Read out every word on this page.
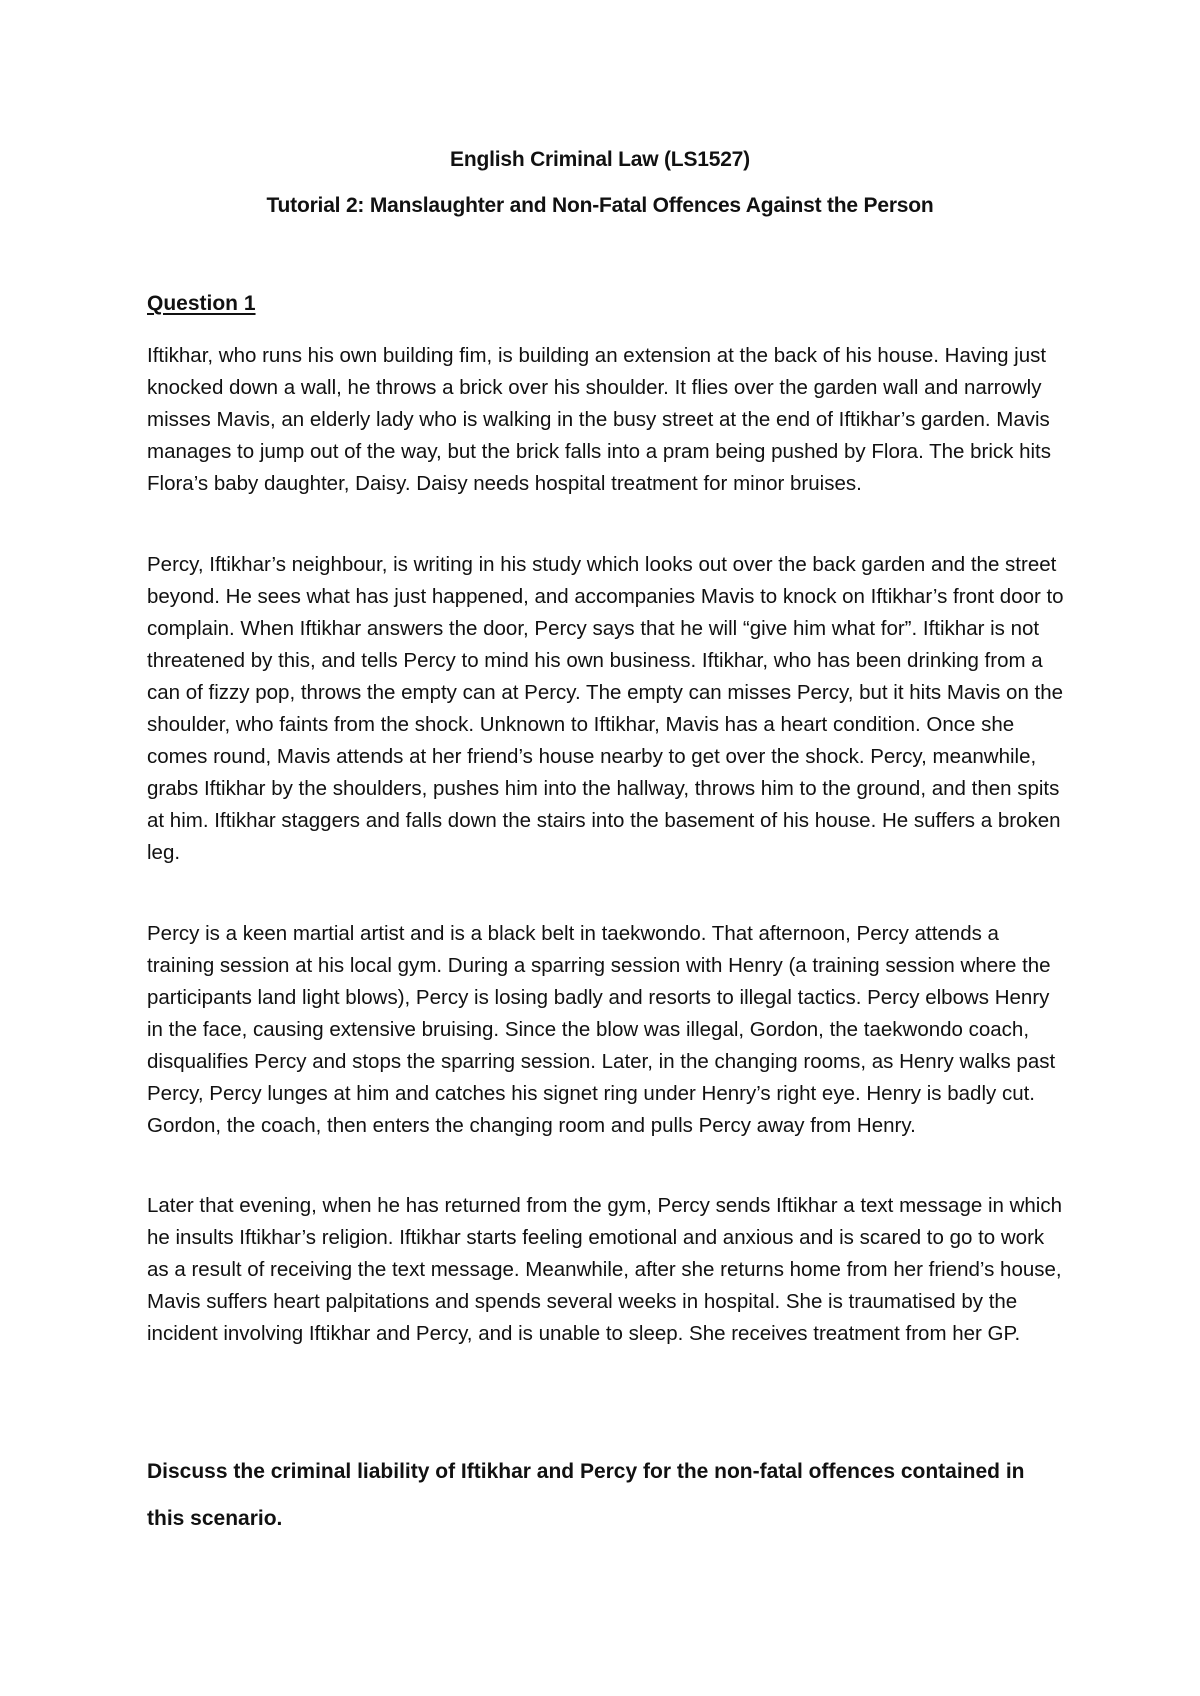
English Criminal Law (LS1527)
Tutorial 2: Manslaughter and Non-Fatal Offences Against the Person
Question 1

Iftikhar, who runs his own building fim, is building an extension at the back of his house. Having just knocked down a wall, he throws a brick over his shoulder. It flies over the garden wall and narrowly misses Mavis, an elderly lady who is walking in the busy street at the end of Iftikhar’s garden. Mavis manages to jump out of the way, but the brick falls into a pram being pushed by Flora. The brick hits Flora’s baby daughter, Daisy. Daisy needs hospital treatment for minor bruises.

Percy, Iftikhar’s neighbour, is writing in his study which looks out over the back garden and the street beyond. He sees what has just happened, and accompanies Mavis to knock on Iftikhar’s front door to complain. When Iftikhar answers the door, Percy says that he will “give him what for”. Iftikhar is not threatened by this, and tells Percy to mind his own business. Iftikhar, who has been drinking from a can of fizzy pop, throws the empty can at Percy. The empty can misses Percy, but it hits Mavis on the shoulder, who faints from the shock. Unknown to Iftikhar, Mavis has a heart condition. Once she comes round, Mavis attends at her friend’s house nearby to get over the shock. Percy, meanwhile, grabs Iftikhar by the shoulders, pushes him into the hallway, throws him to the ground, and then spits at him. Iftikhar staggers and falls down the stairs into the basement of his house. He suffers a broken leg.

Percy is a keen martial artist and is a black belt in taekwondo. That afternoon, Percy attends a training session at his local gym. During a sparring session with Henry (a training session where the participants land light blows), Percy is losing badly and resorts to illegal tactics. Percy elbows Henry in the face, causing extensive bruising. Since the blow was illegal, Gordon, the taekwondo coach, disqualifies Percy and stops the sparring session. Later, in the changing rooms, as Henry walks past Percy, Percy lunges at him and catches his signet ring under Henry’s right eye. Henry is badly cut. Gordon, the coach, then enters the changing room and pulls Percy away from Henry.

Later that evening, when he has returned from the gym, Percy sends Iftikhar a text message in which he insults Iftikhar’s religion. Iftikhar starts feeling emotional and anxious and is scared to go to work as a result of receiving the text message. Meanwhile, after she returns home from her friend’s house, Mavis suffers heart palpitations and spends several weeks in hospital. She is traumatised by the incident involving Iftikhar and Percy, and is unable to sleep. She receives treatment from her GP.

Discuss the criminal liability of Iftikhar and Percy for the non-fatal offences contained in this scenario.
